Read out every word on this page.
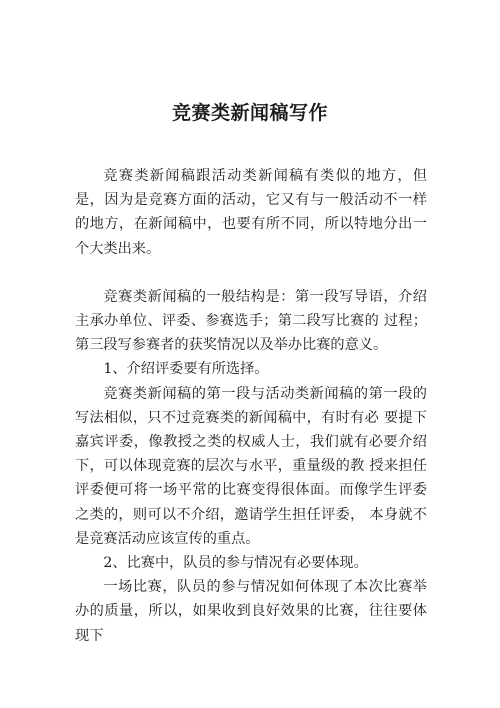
竞赛类新闻稿写作

竞赛类新闻稿跟活动类新闻稿有类似的地方，但是，因为是竞赛方面的活动，它又有与一般活动不一样的地方，在新闻稿中，也要有所不同，所以特地分出一个大类出来。

竞赛类新闻稿的一般结构是：第一段写导语，介绍主承办单位、评委、参赛选手；第二段写比赛的 过程；第三段写参赛者的获奖情况以及举办比赛的意义。

1、介绍评委要有所选择。

竞赛类新闻稿的第一段与活动类新闻稿的第一段的写法相似，只不过竞赛类的新闻稿中，有时有必 要提下嘉宾评委，像教授之类的权威人士，我们就有必要介绍下，可以体现竞赛的层次与水平，重量级的教 授来担任评委便可将一场平常的比赛变得很体面。而像学生评委之类的，则可以不介绍，邀请学生担任评委， 本身就不是竞赛活动应该宣传的重点。

2、比赛中，队员的参与情况有必要体现。

一场比赛，队员的参与情况如何体现了本次比赛举办的质量，所以，如果收到良好效果的比赛，往往要体现下
